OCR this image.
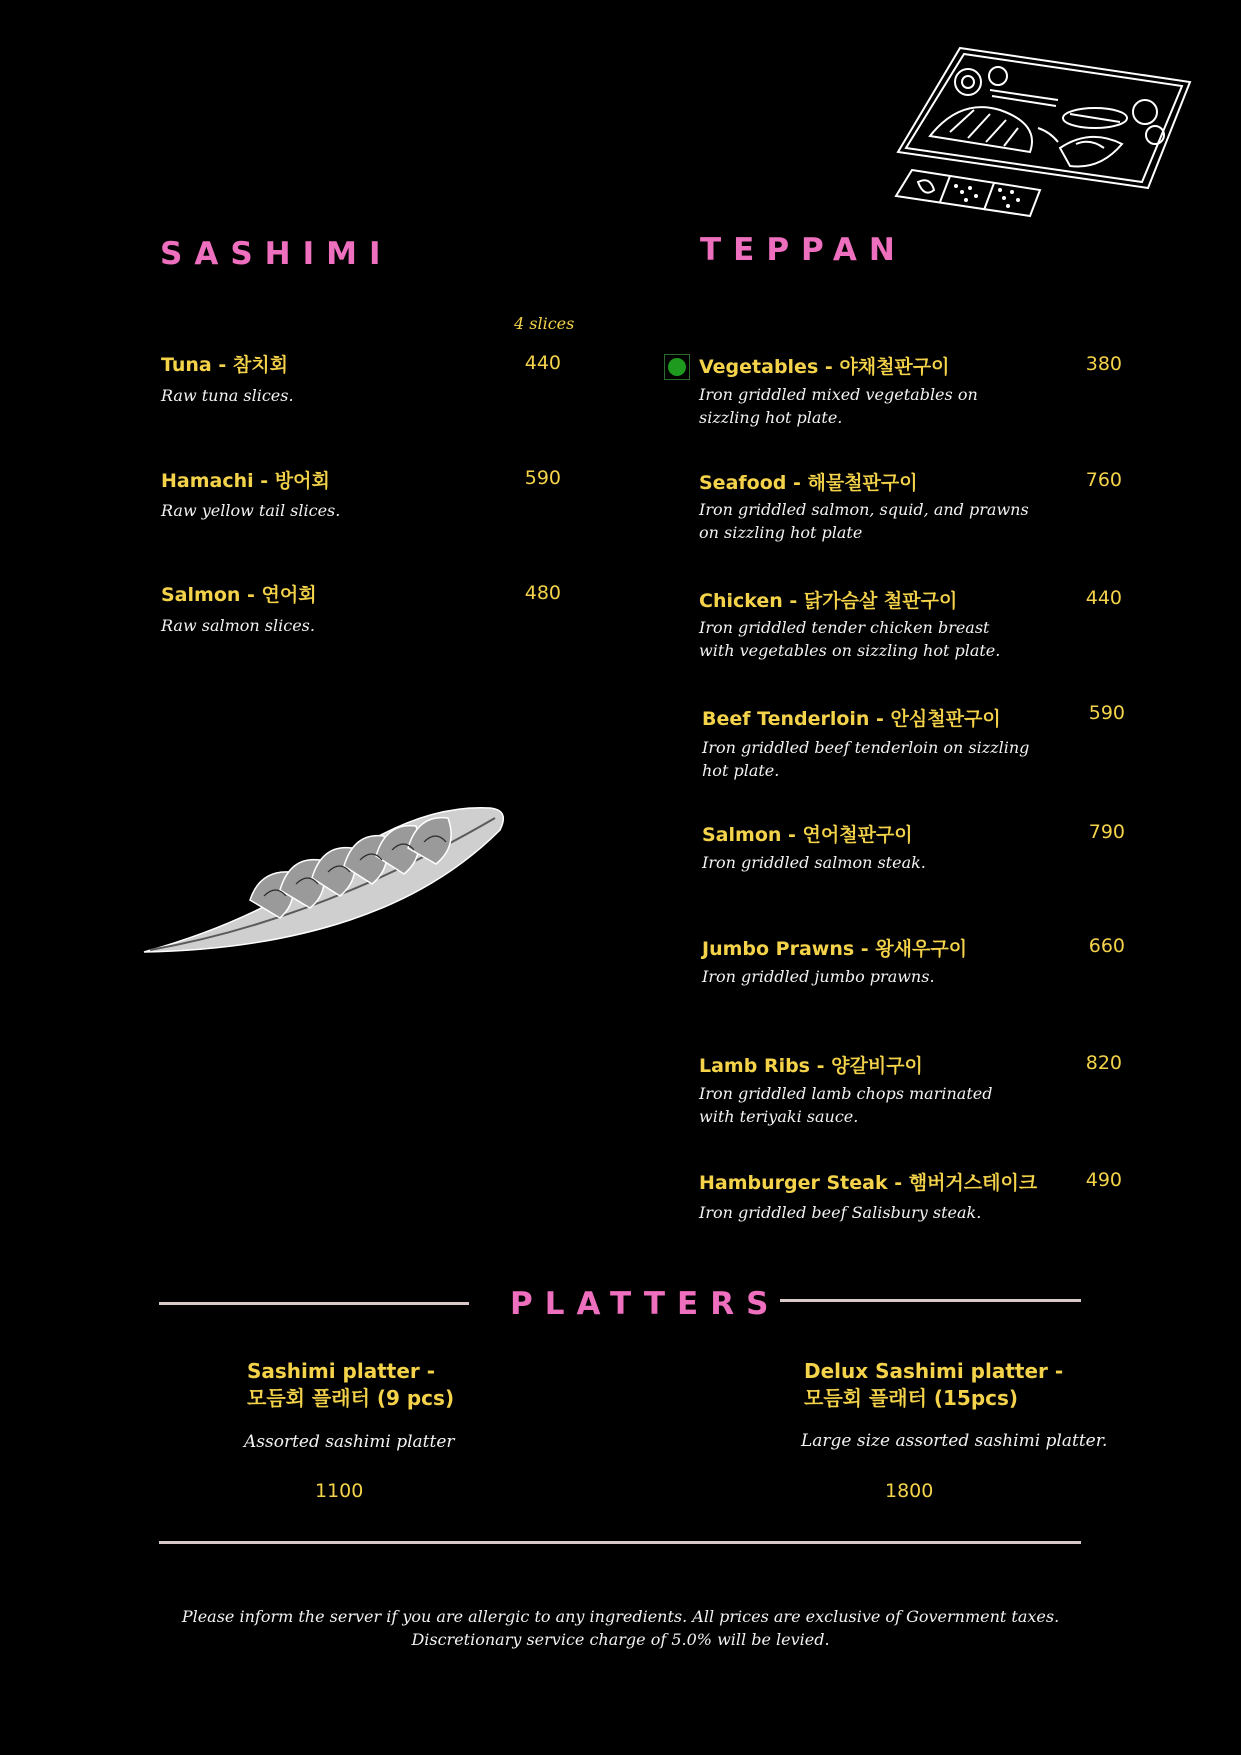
SASHIMI
4 slices
Tuna - 참치회	440
Raw tuna slices.
Hamachi - 방어회	590
Raw yellow tail slices.
Salmon - 연어회	480
Raw salmon slices.
TEPPAN
Vegetables - 야채철판구이	380
Iron griddled mixed vegetables on sizzling hot plate.
Seafood - 해물철판구이	760
Iron griddled salmon, squid, and prawns on sizzling hot plate
Chicken - 닭가슴살 철판구이	440
Iron griddled tender chicken breast with vegetables on sizzling hot plate.
Beef Tenderloin - 안심철판구이	590
Iron griddled beef tenderloin on sizzling hot plate.
Salmon - 연어철판구이	790
Iron griddled salmon steak.
Jumbo Prawns - 왕새우구이	660
Iron griddled jumbo prawns.
Lamb Ribs - 양갈비구이	820
Iron griddled lamb chops marinated with teriyaki sauce.
Hamburger Steak - 햄버거스테이크	490
Iron griddled beef Salisbury steak.
PLATTERS
Sashimi platter -
모듬회 플래터 (9 pcs)
Assorted sashimi platter
1100
Delux Sashimi platter -
모듬회 플래터 (15pcs)
Large size assorted sashimi platter.
1800
Please inform the server if you are allergic to any ingredients. All prices are exclusive of Government taxes.
Discretionary service charge of 5.0% will be levied.
